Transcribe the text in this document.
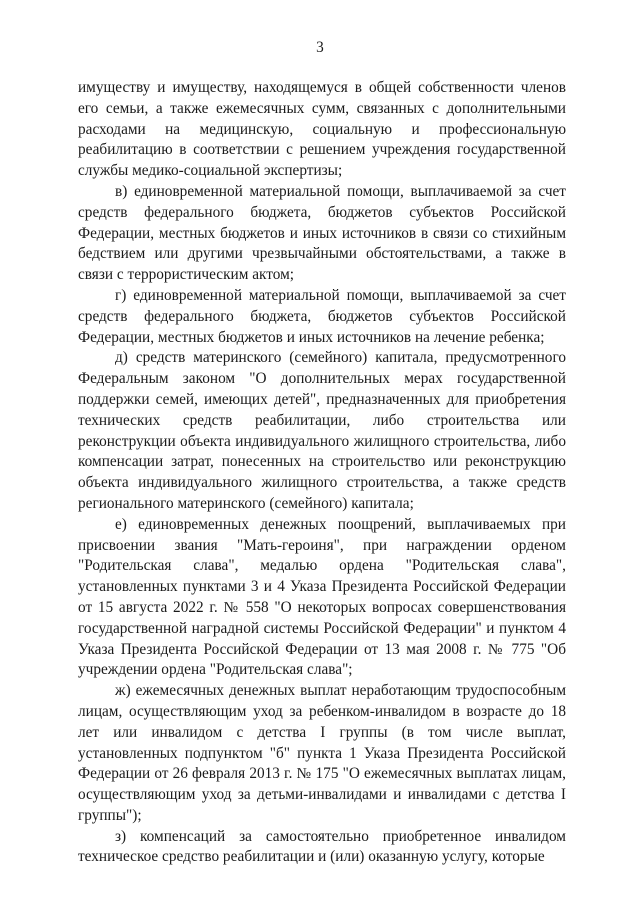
3

имуществу и имуществу, находящемуся в общей собственности членов его семьи, а также ежемесячных сумм, связанных с дополнительными расходами на медицинскую, социальную и профессиональную реабилитацию в соответствии с решением учреждения государственной службы медико-социальной экспертизы;

в) единовременной материальной помощи, выплачиваемой за счет средств федерального бюджета, бюджетов субъектов Российской Федерации, местных бюджетов и иных источников в связи со стихийным бедствием или другими чрезвычайными обстоятельствами, а также в связи с террористическим актом;

г) единовременной материальной помощи, выплачиваемой за счет средств федерального бюджета, бюджетов субъектов Российской Федерации, местных бюджетов и иных источников на лечение ребенка;

д) средств материнского (семейного) капитала, предусмотренного Федеральным законом "О дополнительных мерах государственной поддержки семей, имеющих детей", предназначенных для приобретения технических средств реабилитации, либо строительства или реконструкции объекта индивидуального жилищного строительства, либо компенсации затрат, понесенных на строительство или реконструкцию объекта индивидуального жилищного строительства, а также средств регионального материнского (семейного) капитала;

е) единовременных денежных поощрений, выплачиваемых при присвоении звания "Мать-героиня", при награждении орденом "Родительская слава", медалью ордена "Родительская слава", установленных пунктами 3 и 4 Указа Президента Российской Федерации от 15 августа 2022 г. № 558 "О некоторых вопросах совершенствования государственной наградной системы Российской Федерации" и пунктом 4 Указа Президента Российской Федерации от 13 мая 2008 г. № 775 "Об учреждении ордена "Родительская слава";

ж) ежемесячных денежных выплат неработающим трудоспособным лицам, осуществляющим уход за ребенком-инвалидом в возрасте до 18 лет или инвалидом с детства I группы (в том числе выплат, установленных подпунктом "б" пункта 1 Указа Президента Российской Федерации от 26 февраля 2013 г. № 175 "О ежемесячных выплатах лицам, осуществляющим уход за детьми-инвалидами и инвалидами с детства I группы");

з) компенсаций за самостоятельно приобретенное инвалидом техническое средство реабилитации и (или) оказанную услугу, которые
